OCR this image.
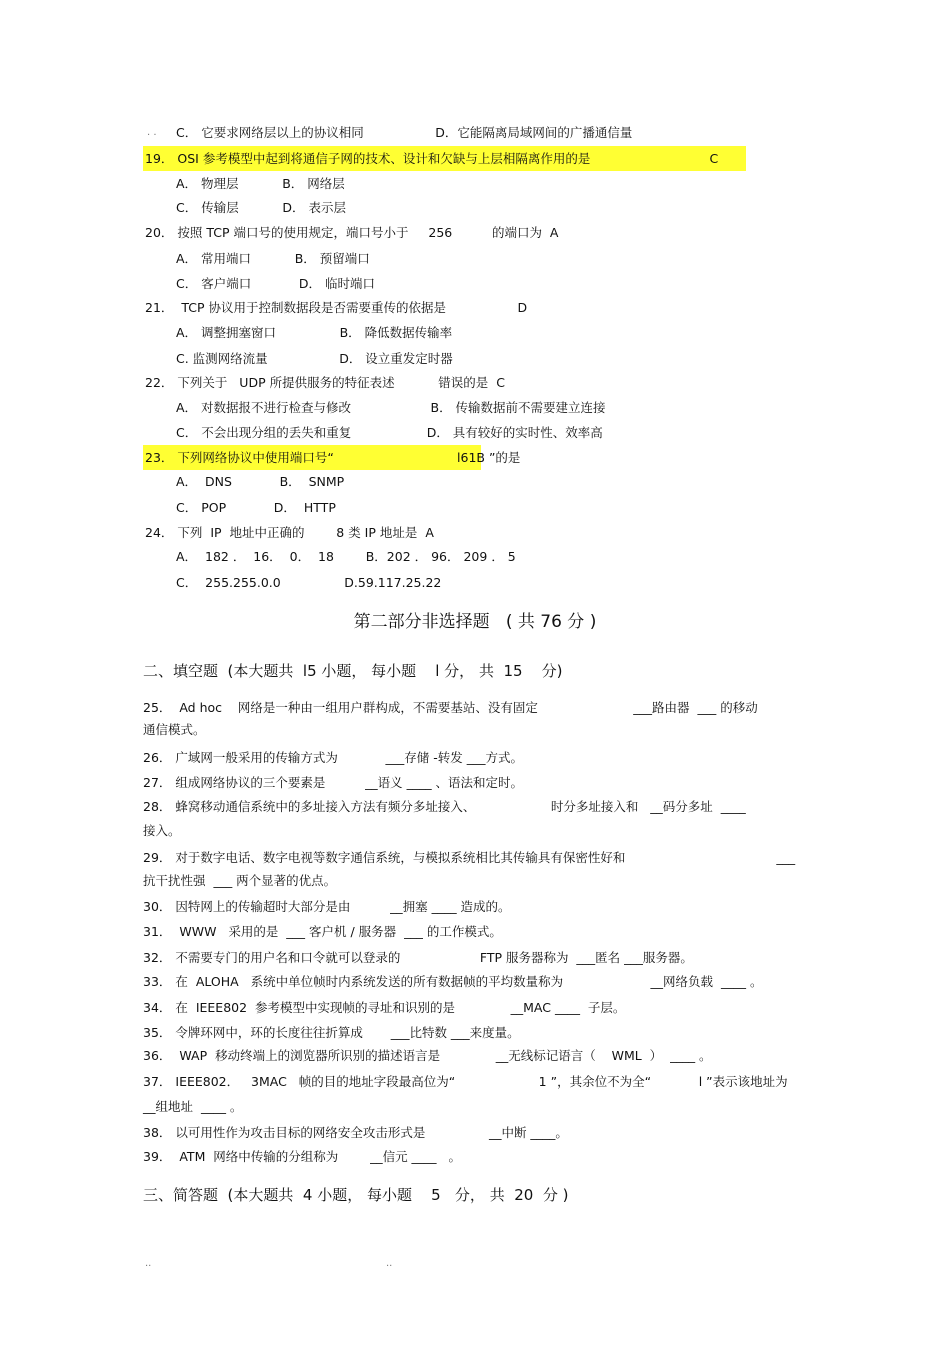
. . C． 它要求网络层以上的协议相同                  D．它能隔离局域网间的广播通信量
19． OSI 参考模型中起到将通信子网的技术、设计和欠缺与上层相隔离作用的是                              C
A． 物理层           B． 网络层
C． 传输层           D． 表示层
20． 按照 TCP 端口号的使用规定，端口号小于     256          的端口为  A
A． 常用端口           B． 预留端口
C． 客户端口            D． 临时端口
21．  TCP 协议用于控制数据段是否需要重传的依据是                  D
A． 调整拥塞窗口                B． 降低数据传输率
C. 监测网络流量                  D． 设立重发定时器
22． 下列关于   UDP 所提供服务的特征表述           错误的是  C
A． 对数据报不进行检查与修改                    B． 传输数据前不需要建立连接
C． 不会出现分组的丢失和重复                   D． 具有较好的实时性、效率高
23． 下列网络协议中使用端口号“                               l61B ”的是
A．  DNS            B．  SNMP
C． POP            D．  HTTP
24． 下列  IP  地址中正确的        8 类 IP 地址是  A
A．  182 ．  16．  0．  18        B．202 ． 96． 209 ． 5
C．  255.255.0.0                D.59.117.25.22
第二部分非选择题   ( 共 76 分 )
二、填空题  (本大题共  l5 小题， 每小题    l 分， 共  15    分)
25．  Ad hoc    网络是一种由一组用户群构成，不需要基站、没有固定                        ___路由器  ___ 的移动
通信模式。
26． 广域网一般采用的传输方式为            ___存储 -转发 ___方式。
27． 组成网络协议的三个要素是          __语义 ____ 、语法和定时。
28． 蜂窝移动通信系统中的多址接入方法有频分多址接入、                   时分多址接入和   __码分多址  ____
接入。
29． 对于数字电话、数字电视等数字通信系统，与模拟系统相比其传输具有保密性好和                                      ___
抗干扰性强  ___ 两个显著的优点。
30． 因特网上的传输超时大部分是由          __拥塞 ____ 造成的。
31．  WWW   采用的是  ___ 客户机 / 服务器  ___ 的工作模式。
32． 不需要专门的用户名和口令就可以登录的                    FTP 服务器称为  ___匿名 ___服务器。
33． 在  ALOHA   系统中单位帧时内系统发送的所有数据帧的平均数量称为                      __网络负载  ____ 。
34． 在  IEEE802  参考模型中实现帧的寻址和识别的是              __MAC ____  子层。
35． 令牌环网中，环的长度往往折算成       ___比特数 ___来度量。
36．  WAP  移动终端上的浏览器所识别的描述语言是              __无线标记语言（    WML  ）  ____ 。
37． IEEE802．   3MAC   帧的目的地址字段最高位为“                     1 ”，其余位不为全“            l ”表示该地址为
__组地址  ____ 。
38． 以可用性作为攻击目标的网络安全攻击形式是                __中断 ____。
39．  ATM  网络中传输的分组称为        __信元 ____   。
三、简答题  (本大题共  4 小题， 每小题    5   分， 共  20  分 )
..	..
